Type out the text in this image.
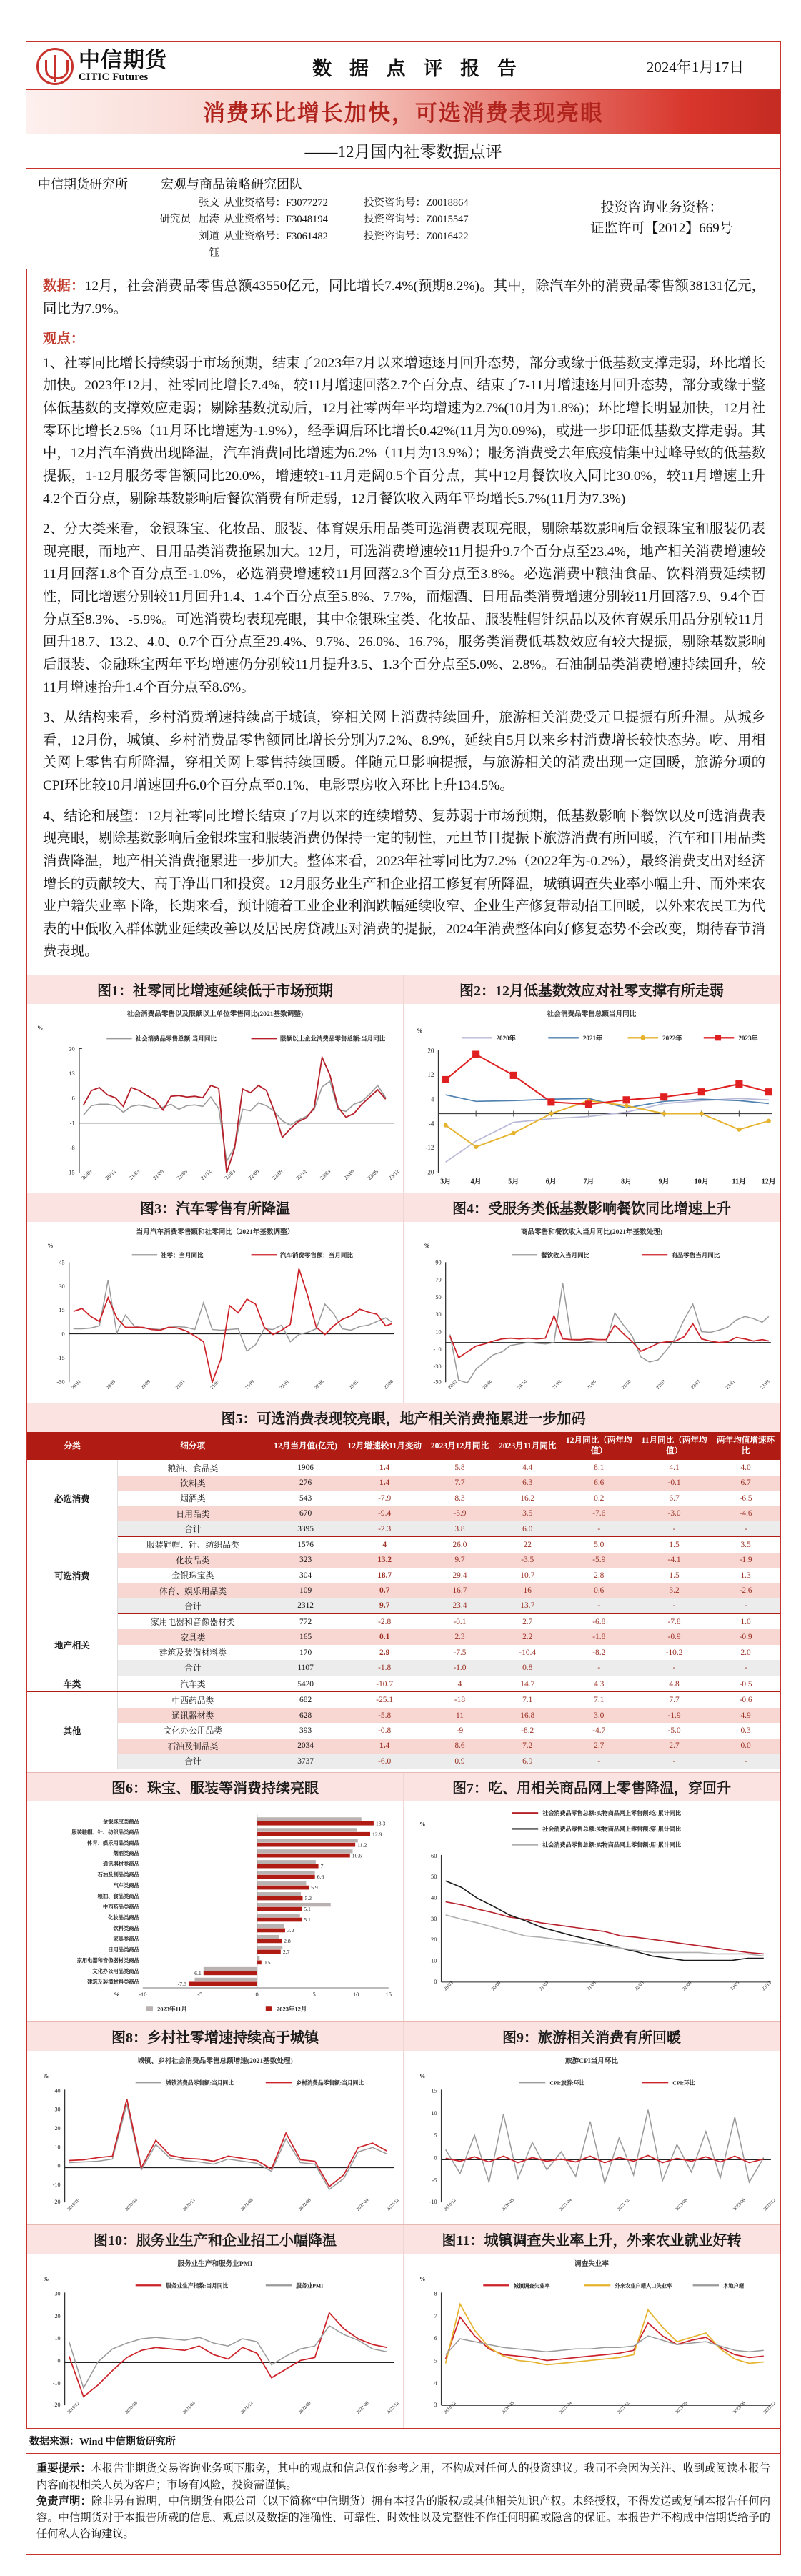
中信期货
CITIC Futures	数 据 点 评 报 告	2024年1月17日
消费环比增长加快，可选消费表现亮眼
——12月国内社零数据点评
中信期货研究所	宏观与商品策略研究团队
张文 从业资格号：F3077272	投资咨询号：Z0018864
研究员 屈涛 从业资格号：F3048194	投资咨询号：Z0015547
刘道钰
从业资格号：F3061482	投资咨询号：Z0016422
投资咨询业务资格：
证监许可【2012】669号

数据：12月，社会消费品零售总额43550亿元，同比增长7.4%(预期8.2%)。其中，除汽车外的消费品零售额38131亿元，同比为7.9%。

观点：

1、社零同比增长持续弱于市场预期，结束了2023年7月以来增速逐月回升态势，部分或缘于低基数支撑走弱，环比增长加快。2023年12月，社零同比增长7.4%，较11月增速回落2.7个百分点、结束了7-11月增速逐月回升态势，部分或缘于整体低基数的支撑效应走弱；剔除基数扰动后，12月社零两年平均增速为2.7%(10月为1.8%)；环比增长明显加快，12月社零环比增长2.5%（11月环比增速为-1.9%），经季调后环比增长0.42%(11月为0.09%)，或进一步印证低基数支撑走弱。其中，12月汽车消费出现降温，汽车消费同比增速为6.2%（11月为13.9%）；服务消费受去年底疫情集中过峰导致的低基数提振，1-12月服务零售额同比20.0%，增速较1-11月走阔0.5个百分点，其中12月餐饮收入同比30.0%，较11月增速上升4.2个百分点，剔除基数影响后餐饮消费有所走弱，12月餐饮收入两年平均增长5.7%(11月为7.3%)

2、分大类来看，金银珠宝、化妆品、服装、体育娱乐用品类可选消费表现亮眼，剔除基数影响后金银珠宝和服装仍表现亮眼，而地产、日用品类消费拖累加大。12月，可选消费增速较11月提升9.7个百分点至23.4%，地产相关消费增速较11月回落1.8个百分点至-1.0%，必选消费增速较11月回落2.3个百分点至3.8%。必选消费中粮油食品、饮料消费延续韧性，同比增速分别较11月回升1.4、1.4个百分点至5.8%、7.7%，而烟酒、日用品类消费增速分别较11月回落7.9、9.4个百分点至8.3%、-5.9%。可选消费均表现亮眼，其中金银珠宝类、化妆品、服装鞋帽针织品以及体育娱乐用品分别较11月回升18.7、13.2、4.0、0.7个百分点至29.4%、9.7%、26.0%、16.7%，服务类消费低基数效应有较大提振，剔除基数影响后服装、金融珠宝两年平均增速仍分别较11月提升3.5、1.3个百分点至5.0%、2.8%。石油制品类消费增速持续回升，较11月增速抬升1.4个百分点至8.6%。

3、从结构来看，乡村消费增速持续高于城镇，穿相关网上消费持续回升，旅游相关消费受元旦提振有所升温。从城乡看，12月份，城镇、乡村消费品零售额同比增长分别为7.2%、8.9%，延续自5月以来乡村消费增长较快态势。吃、用相关网上零售有所降温，穿相关网上零售持续回暖。伴随元旦影响提振，与旅游相关的消费出现一定回暖，旅游分项的CPI环比较10月增速回升6.0个百分点至0.1%，电影票房收入环比上升134.5%。

4、结论和展望：12月社零同比增长结束了7月以来的连续增势、复苏弱于市场预期，低基数影响下餐饮以及可选消费表现亮眼，剔除基数影响后金银珠宝和服装消费仍保持一定的韧性，元旦节日提振下旅游消费有所回暖，汽车和日用品类消费降温，地产相关消费拖累进一步加大。整体来看，2023年社零同比为7.2%（2022年为-0.2%），最终消费支出对经济增长的贡献较大、高于净出口和投资。12月服务业生产和企业招工修复有所降温，城镇调查失业率小幅上升、而外来农业户籍失业率下降，长期来看，预计随着工业企业利润跌幅延续收窄、企业生产修复带动招工回暖，以外来农民工为代表的中低收入群体就业延续改善以及居民房贷减压对消费的提振，2024年消费整体向好修复态势不会改变，期待春节消费表现。

图1：社零同比增速延续低于市场预期
社会消费品零售以及限额以上单位零售同比(2021基数调整)
%
社会消费品零售总额:当月同比	限额以上企业消费品零售总额:当月同比
20
13
6
-1
-8
-15 20/09 20/12 21/03 21/06 21/09 21/12 22/03 22/06 22/09 22/12 23/03 23/06 23/09 23/12
图2：12月低基数效应对社零支撑有所走弱
社会消费品零售总额当月同比
%
2020年	2021年	2022年	2023年
20
12
4
-4
-12
-20
3月	4月	5月	6月	7月	8月	9月	10月	11月 12月
图3：汽车零售有所降温
当月汽车消费零售额和社零同比（2021年基数调整）
%
社零：当月同比	汽车消费零售额：当月同比
45
30
15
0
-15
-30 20/01	20/05	20/09	21/01	21/05	21/09	22/01	22/06	23/01	23/08
图4：受服务类低基数影响餐饮同比增速上升
商品零售和餐饮收入当月同比(2021年基数处理)
%
餐饮收入当月同比	商品零售当月同比
90
70
50
30
10
-10
-30
-50 20/02	20/06	20/10	21/02	21/06	21/10	22/03	22/07	23/01	23/09
图5：可选消费表现较亮眼，地产相关消费拖累进一步加码
分类	细分项	12月当月值(亿元)	12月增速较11月变动	2023月12月同比	2023月11月同比	12月同比（两年均值）	11月同比（两年均值）	两年均值增速环比
必选消费	粮油、食品类	1906	1.4	5.8	4.4	8.1	4.1	4.0
	饮料类	276	1.4	7.7	6.3	6.6	-0.1	6.7
	烟酒类	543	-7.9	8.3	16.2	0.2	6.7	-6.5
	日用品类	670	-9.4	-5.9	3.5	-7.6	-3.0	-4.6
	合计	3395	-2.3	3.8	6.0	-	-	-
可选消费	服装鞋帽、针、纺织品类	1576	4	26.0	22	5.0	1.5	3.5
	化妆品类	323	13.2	9.7	-3.5	-5.9	-4.1	-1.9
	金银珠宝类	304	18.7	29.4	10.7	2.8	1.5	1.3
	体育、娱乐用品类	109	0.7	16.7	16	0.6	3.2	-2.6
	合计	2312	9.7	23.4	13.7	-	-	-
地产相关	家用电器和音像器材类	772	-2.8	-0.1	2.7	-6.8	-7.8	1.0
	家具类	165	0.1	2.3	2.2	-1.8	-0.9	-0.9
	建筑及装潢材料类	170	2.9	-7.5	-10.4	-8.2	-10.2	2.0
	合计	1107	-1.8	-1.0	0.8	-	-	-
车类	汽车类	5420	-10.7	4	14.7	4.3	4.8	-0.5
其他	中西药品类	682	-25.1	-18	7.1	7.1	7.7	-0.6
	通讯器材类	628	-5.8	11	16.8	3.0	-1.9	4.9
	文化办公用品类	393	-0.8	-9	-8.2	-4.7	-5.0	0.3
	石油及制品类	2034	1.4	8.6	7.2	2.7	2.7	0.0
	合计	3737	-6.0	0.9	6.9	-	-	-
图6：珠宝、服装等消费持续亮眼
金银珠宝类商品	13.3
服装鞋帽、针、纺织品类商品	12.9
体育、娱乐用品类商品	11.2
烟酒类商品	10.6
通讯器材类商品	7
石油及制品类商品	6.6
汽车类商品	5.9
粮油、食品类商品	5.2
中西药品类商品	5.1
化妆品类商品	5.1
饮料类商品	3.2
家具类商品	2.8
日用品类商品	2.7
家用电器和音像器材类商品	0.5
文化办公用品类商品	-6.1
建筑及装潢材料类商品	-7.8
-10	-5	0	5	10	15
%
2023年11月	2023年12月
图7：吃、用相关商品网上零售降温，穿回升
%
社会消费品零售总额:实物商品网上零售额:吃:累计同比
社会消费品零售总额:实物商品网上零售额:穿:累计同比
社会消费品零售总额:实物商品网上零售额:用:累计同比
60
50
40
30
20
10
0 20/03	20/09	21/03	21/09	22/03	22/09	23/05	23/12
图8：乡村社零增速持续高于城镇
城镇、乡村社会消费品零售总额增速(2021基数处理)
%
城镇消费品零售额:当月同比	乡村消费品零售额:当月同比
40
30
20
10
0
-10
-20 2019/10	2020/04	2020/12	2021/08	2022/06	2023/04	2023/12
图9：旅游相关消费有所回暖
旅游CPI当月环比
%
CPI:旅游:环比	CPI:环比
15
10
5
0
-5
-10 2019/12	2020/08	2021/04	2021/12	2022/08	2023/06	2023/12
图10：服务业生产和企业招工小幅降温
服务业生产和服务业PMI
%
服务业生产指数:当月同比	服务业PMI
30
20
10
0
-10
-20 2019/12	2020/08	2021/04	2021/12	2022/09	2023/06	2023/12
图11：城镇调查失业率上升，外来农业就业好转
调查失业率
%
城镇调查失业率	外来农业户籍人口失业率	本地户籍
8
7
6
5
4
3 2019/12	2020/08	2021/04	2021/12	2022/09	2023/06	2023/12
数据来源：Wind 中信期货研究所

重要提示：本报告非期货交易咨询业务项下服务，其中的观点和信息仅作参考之用，不构成对任何人的投资建议。我司不会因为关注、收到或阅读本报告内容而视相关人员为客户；市场有风险，投资需谨慎。

免责声明：除非另有说明，中信期货有限公司（以下简称“中信期货）拥有本报告的版权/或其他相关知识产权。未经授权，不得发送或复制本报告任何内容。中信期货对于本报告所载的信息、观点以及数据的准确性、可靠性、时效性以及完整性不作任何明确或隐含的保证。本报告并不构成中信期货给予的任何私人咨询建议。
